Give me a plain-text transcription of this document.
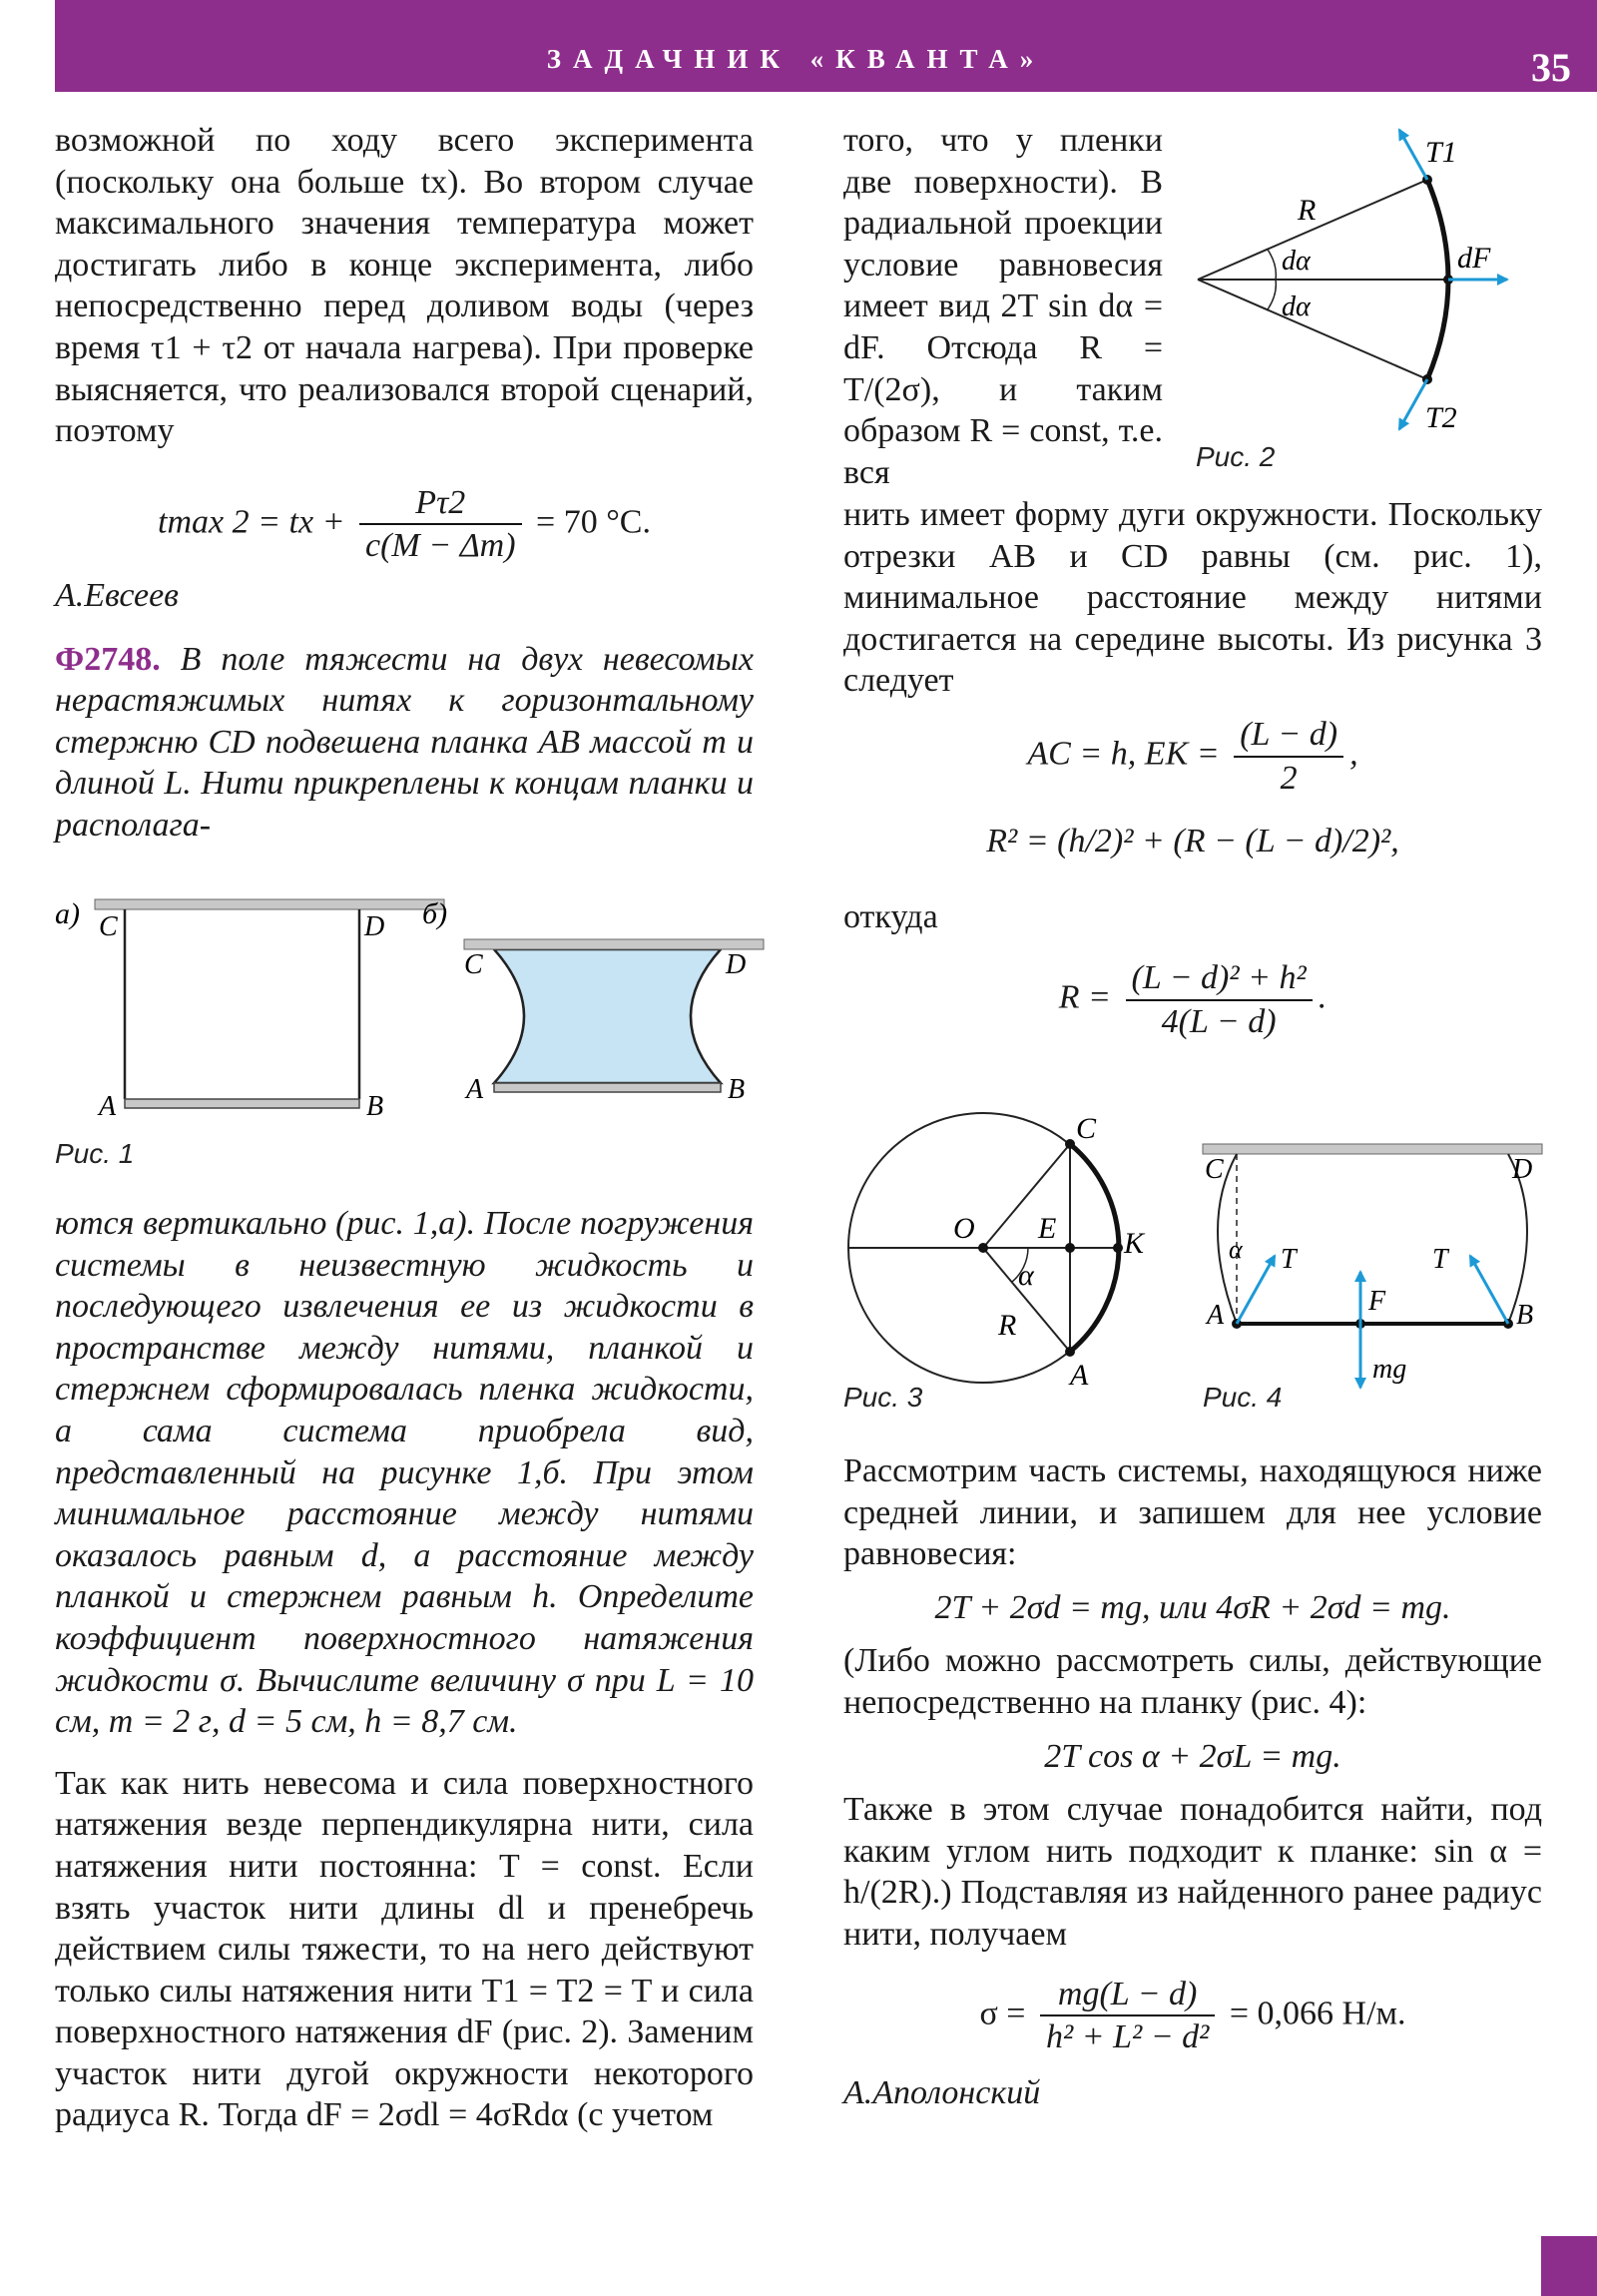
ЗАДАЧНИК «КВАНТА»	35

возможной по ходу всего эксперимента (поскольку она больше tx). Во втором случае максимального значения температура может достигать либо в конце эксперимента, либо непосредственно перед доливом воды (через время τ1 + τ2 от начала нагрева). При проверке выясняется, что реализовался второй сценарий, поэтому

tmax 2 = tx + $\frac{P\tau 2}{c(M - \Delta m)} = 70$ °C.

А.Евсеев

Ф2748. В поле тяжести на двух невесомых нерастяжимых нитях к горизонтальному стержню CD подвешена планка AB массой m и длиной L. Нити прикреплены к концам планки и располага-

а) C	D
A	B
б)
C	D
A	B
Рис. 1

ются вертикально (рис. 1,а). После погружения системы в неизвестную жидкость и последующего извлечения ее из жидкости в пространстве между нитями, планкой и стержнем сформировалась пленка жидкости, а сама система приобрела вид, представленный на рисунке 1,б. При этом минимальное расстояние между нитями оказалось равным d, а расстояние между планкой и стержнем равным h. Определите коэффициент поверхностного натяжения жидкости σ. Вычислите величину σ при L = 10 см, m = 2 г, d = 5 см, h = 8,7 см.

Так как нить невесома и сила поверхностного натяжения везде перпендикулярна нити, сила натяжения нити постоянна: T = const. Если взять участок нити длины dl и пренебречь действием силы тяжести, то на него действуют только силы натяжения нити T1 = T2 = T и сила поверхностного натяжения dF (рис. 2). Заменим участок нити дугой окружности некоторого радиуса R. Тогда dF = 2σdl = 4σRdα (с учетом

того, что у пленки две поверхности). В радиальной проекции условие равновесия имеет вид 2T sin dα = dF. Отсюда R = T/(2σ), и таким образом R = const, т.е. вся

T1
T2
R
dα
dα
dF
Рис. 2

нить имеет форму дуги окружности. Поскольку отрезки AB и CD равны (см. рис. 1), минимальное расстояние между нитями достигается на середине высоты. Из рисунка 3 следует

AC = h, EK = $\frac{(L - d)}{2}$ ,
R² = (h/2)² + (R − (L − d)/2)²,

откуда

$R = \frac{\text{(L − d)² + h²}}{4(L - d)}$ .
C
O E K
α
R
A
Рис. 3
C	D
α T	T
A	F	B
mg
Рис. 4

Рассмотрим часть системы, находящуюся ниже средней линии, и запишем для нее условие равновесия:

2T + 2σd = mg, или 4σR + 2σd = mg.

(Либо можно рассмотреть силы, действующие непосредственно на планку (рис. 4):

2T cos α + 2σL = mg.

Также в этом случае понадобится найти, под каким углом нить подходит к планке: sin α = h/(2R).) Подставляя из найденного ранее радиус нити, получаем

$\sigma = \frac{mg(L - d)}{\text{h² + L² − d²}} = 0,066$ Н/м.

А.Аполонский
